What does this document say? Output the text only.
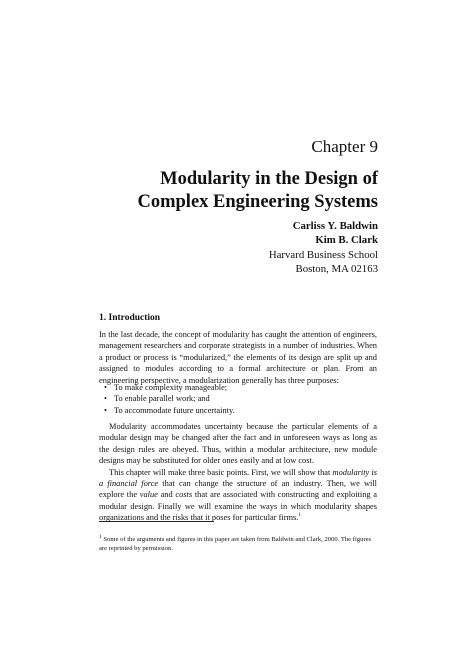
Chapter 9
Modularity in the Design of
Complex Engineering Systems
Carliss Y. Baldwin
Kim B. Clark
Harvard Business School
Boston, MA 02163
1. Introduction
In the last decade, the concept of modularity has caught the attention of engineers, management researchers and corporate strategists in a number of industries. When a product or process is “modularized,” the elements of its design are split up and assigned to modules according to a formal architecture or plan. From an engineering perspective, a modularization generally has three purposes:
• To make complexity manageable;
• To enable parallel work; and
• To accommodate future uncertainty.
Modularity accommodates uncertainty because the particular elements of a modular design may be changed after the fact and in unforeseen ways as long as the design rules are obeyed. Thus, within a modular architecture, new module designs may be substituted for older ones easily and at low cost.
This chapter will make three basic points. First, we will show that modularity is a financial force that can change the structure of an industry. Then, we will explore the value and costs that are associated with constructing and exploiting a modular design. Finally we will examine the ways in which modularity shapes organizations and the risks that it poses for particular firms.$^1$
$^1$ Some of the arguments and figures in this paper are taken from Baldwin and Clark, 2000. The figures are reprinted by permission.
